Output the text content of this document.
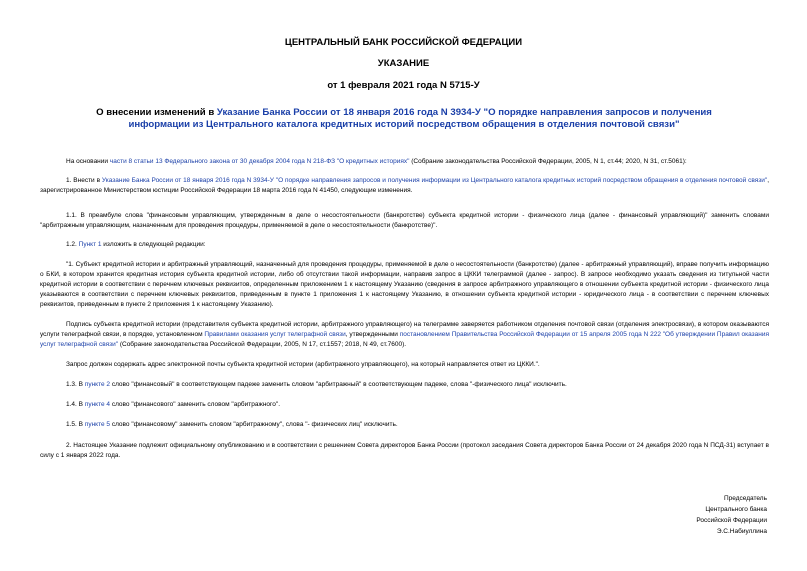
ЦЕНТРАЛЬНЫЙ БАНК РОССИЙСКОЙ ФЕДЕРАЦИИ
УКАЗАНИЕ
от 1 февраля 2021 года N 5715-У
О внесении изменений в Указание Банка России от 18 января 2016 года N 3934-У "О порядке направления запросов и получения информации из Центрального каталога кредитных историй посредством обращения в отделения почтовой связи"
На основании части 8 статьи 13 Федерального закона от 30 декабря 2004 года N 218-ФЗ "О кредитных историях" (Собрание законодательства Российской Федерации, 2005, N 1, ст.44; 2020, N 31, ст.5061):
1. Внести в Указание Банка России от 18 января 2016 года N 3934-У "О порядке направления запросов и получения информации из Центрального каталога кредитных историй посредством обращения в отделения почтовой связи", зарегистрированное Министерством юстиции Российской Федерации 18 марта 2016 года N 41450, следующие изменения.
1.1. В преамбуле слова "финансовым управляющим, утвержденным в деле о несостоятельности (банкротстве) субъекта кредитной истории - физического лица (далее - финансовый управляющий)" заменить словами "арбитражным управляющим, назначенным для проведения процедуры, применяемой в деле о несостоятельности (банкротстве)".
1.2. Пункт 1 изложить в следующей редакции:
"1. Субъект кредитной истории и арбитражный управляющий, назначенный для проведения процедуры, применяемой в деле о несостоятельности (банкротстве) (далее - арбитражный управляющий), вправе получить информацию о БКИ, в котором хранится кредитная история субъекта кредитной истории, либо об отсутствии такой информации, направив запрос в ЦККИ телеграммой (далее - запрос). В запросе необходимо указать сведения из титульной части кредитной истории в соответствии с перечнем ключевых реквизитов, определенным приложением 1 к настоящему Указанию (сведения в запросе арбитражного управляющего в отношении субъекта кредитной истории - физического лица указываются в соответствии с перечнем ключевых реквизитов, приведенным в пункте 1 приложения 1 к настоящему Указанию, в отношении субъекта кредитной истории - юридического лица - в соответствии с перечнем ключевых реквизитов, приведенным в пункте 2 приложения 1 к настоящему Указанию).
Подпись субъекта кредитной истории (представителя субъекта кредитной истории, арбитражного управляющего) на телеграмме заверяется работником отделения почтовой связи (отделения электросвязи), в котором оказываются услуги телеграфной связи, в порядке, установленном Правилами оказания услуг телеграфной связи, утвержденными постановлением Правительства Российской Федерации от 15 апреля 2005 года N 222 "Об утверждении Правил оказания услуг телеграфной связи" (Собрание законодательства Российской Федерации, 2005, N 17, ст.1557; 2018, N 49, ст.7600).
Запрос должен содержать адрес электронной почты субъекта кредитной истории (арбитражного управляющего), на который направляется ответ из ЦККИ.".
1.3. В пункте 2 слово "финансовый" в соответствующем падеже заменить словом "арбитражный" в соответствующем падеже, слова "-физического лица" исключить.
1.4. В пункте 4 слово "финансового" заменить словом "арбитражного".
1.5. В пункте 5 слово "финансовому" заменить словом "арбитражному", слова "- физических лиц" исключить.
2. Настоящее Указание подлежит официальному опубликованию и в соответствии с решением Совета директоров Банка России (протокол заседания Совета директоров Банка России от 24 декабря 2020 года N ПСД-31) вступает в силу с 1 января 2022 года.
Председатель
Центрального банка
Российской Федерации
Э.С.Набиуллина
